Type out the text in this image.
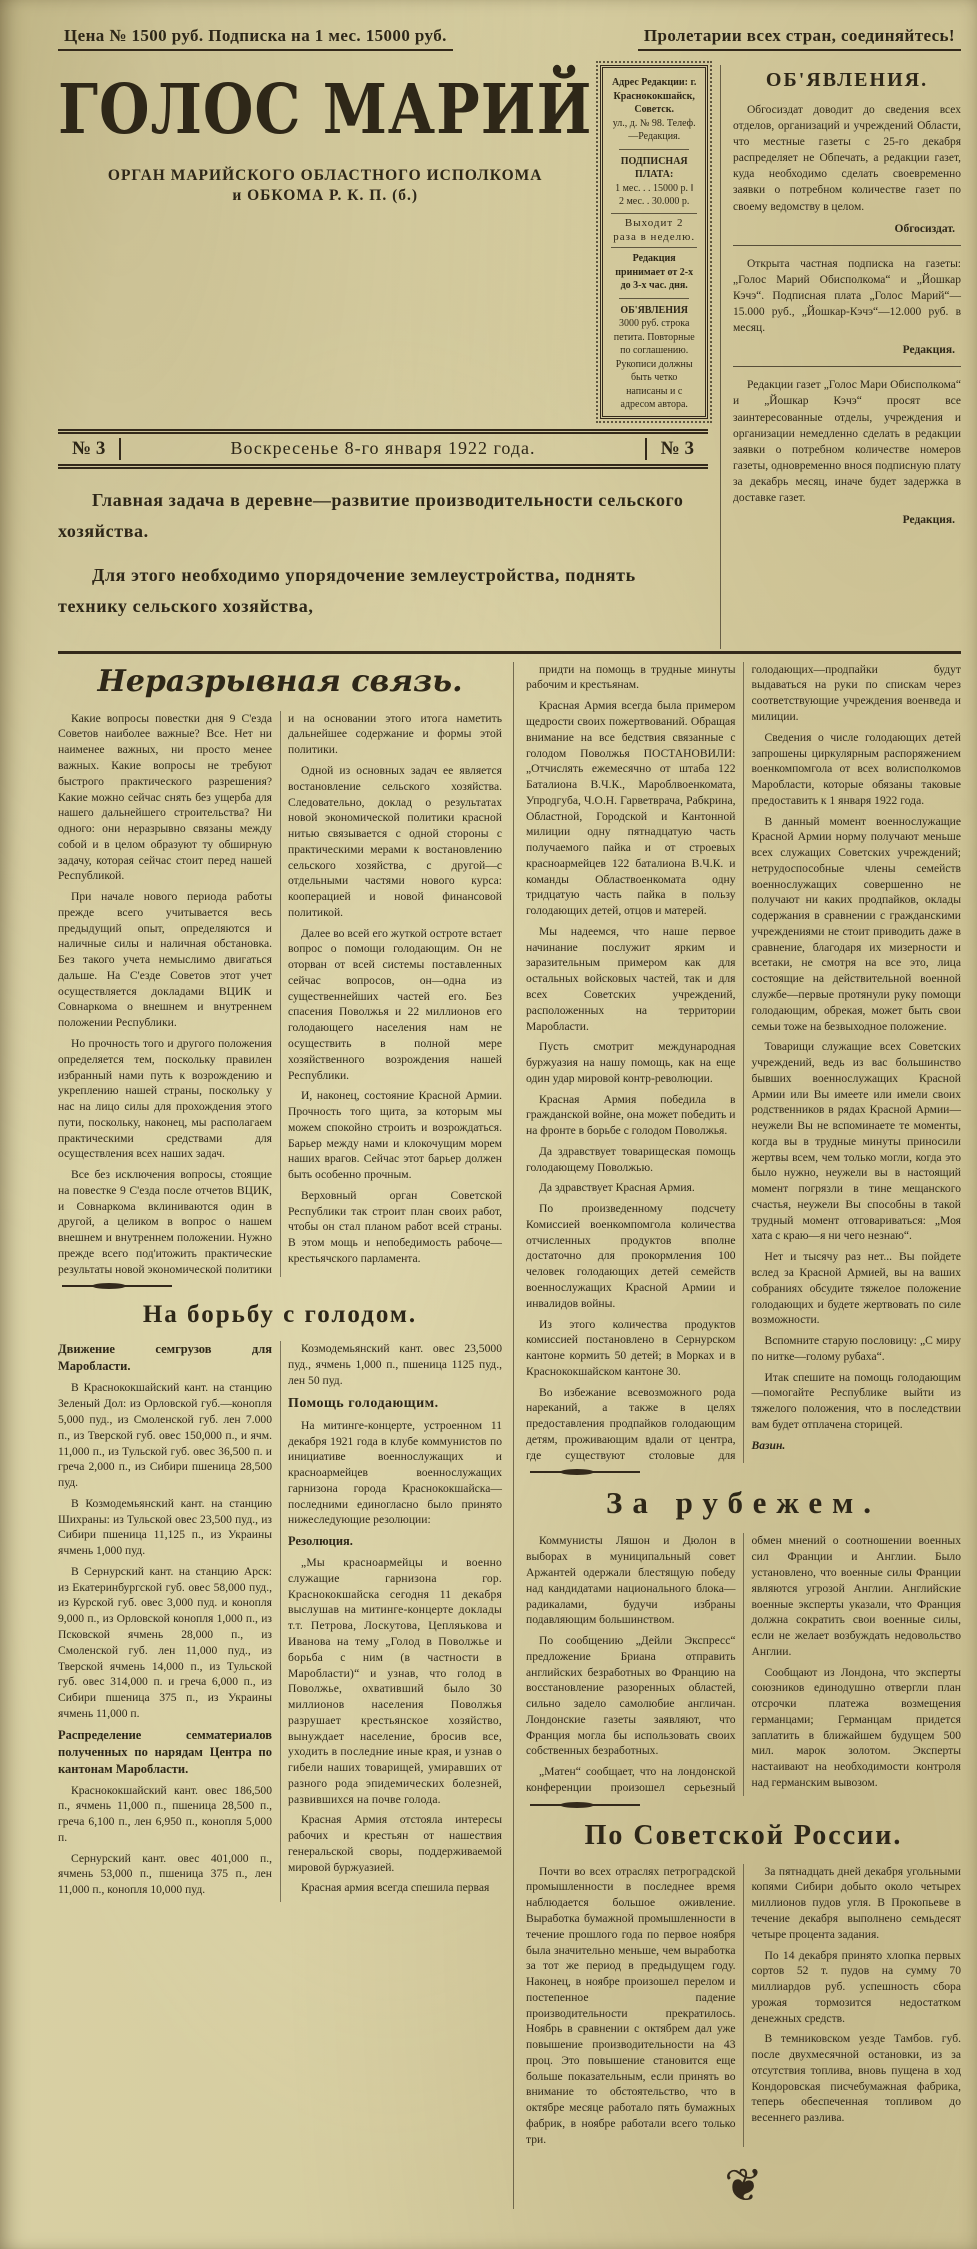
Цена № 1500 руб. Подписка на 1 мес. 15000 руб.	Пролетарии всех стран, соединяйтесь!
ГОЛОС МАРИЙ
ОРГАН МАРИЙСКОГО ОБЛАСТНОГО ИСПОЛКОМА
и ОБКОМА Р. К. П. (б.)
Адрес Редакции: г. Краснококшайск, Советск.
ул., д. № 98. Телеф.—Редакция.
ПОДПИСНАЯ ПЛАТА:
1 мес. . . 15000 р. ‖ 2 мес. . 30.000 р.
Выходит 2 раза в неделю.
Редакция принимает от 2-х до 3-х час. дня.
ОБ'ЯВЛЕНИЯ
3000 руб. строка петита. Повторные по соглашению.
Рукописи должны быть четко написаны и с адресом автора.
№ 3	Воскресенье 8-го января 1922 года.	№ 3

Главная задача в деревне—развитие производительности сельского хозяйства.

Для этого необходимо упорядочение землеустройства, поднять технику сельского хозяйства,

ОБ'ЯВЛЕНИЯ.

Обгосиздат доводит до сведения всех отделов, организаций и учреждений Области, что местные газеты с 25-го декабря распределяет не Обпечать, а редакции газет, куда необходимо сделать своевременно заявки о потребном количестве газет по своему ведомству в целом.

Обгосиздат.

Открыта частная подписка на газеты: „Голос Марий Обисполкома“ и „Йошкар Кэчэ“. Подписная плата „Голос Марий“—15.000 руб., „Йошкар-Кэчэ“—12.000 руб. в месяц.

Редакция.

Редакции газет „Голос Мари Обисполкома“ и „Йошкар Кэчэ“ просят все заинтересованные отделы, учреждения и организации немедленно сделать в редакции заявки о потребном количестве номеров газеты, одновременно внося подписную плату за декабрь месяц, иначе будет задержка в доставке газет.

Редакция.

Неразрывная связь.

Какие вопросы повестки дня 9 С'езда Советов наиболее важные? Все. Нет ни наименее важных, ни просто менее важных. Какие вопросы не требуют быстрого практического разрешения? Какие можно сейчас снять без ущерба для нашего дальнейшего строительства? Ни одного: они неразрывно связаны между собой и в целом образуют ту обширную задачу, которая сейчас стоит перед нашей Республикой.

При начале нового периода работы прежде всего учитывается весь предыдущий опыт, определяются и наличные силы и наличная обстановка. Без такого учета немыслимо двигаться дальше. На С'езде Советов этот учет осуществляется докладами ВЦИК и Совнаркома о внешнем и внутреннем положении Республики.

Но прочность того и другого положения определяется тем, поскольку правилен избранный нами путь к возрождению и укреплению нашей страны, поскольку у нас на лицо силы для прохождения этого пути, поскольку, наконец, мы располагаем практическими средствами для осуществления всех наших задач.

Все без исключения вопросы, стоящие на повестке 9 С'езда после отчетов ВЦИК, и Совнаркома вклиниваются один в другой, а целиком в вопрос о нашем внешнем и внутреннем положении. Нужно прежде всего под'итожить практические результаты новой экономической политики и на основании этого итога наметить дальнейшее содержание и формы этой политики.

Одной из основных задач ее является востановление сельского хозяйства. Следовательно, доклад о результатах новой экономической политики красной нитью связывается с одной стороны с практическими мерами к востановлению сельского хозяйства, с другой—с отдельными частями нового курса: кооперацией и новой финансовой политикой.

Далее во всей его жуткой остроте встает вопрос о помощи голодающим. Он не оторван от всей системы поставленных сейчас вопросов, он—одна из существеннейших частей его. Без спасения Поволжья и 22 миллионов его голодающего населения нам не осуществить в полной мере хозяйственного возрождения нашей Республики.

И, наконец, состояние Красной Армии. Прочность того щита, за которым мы можем спокойно строить и возрождаться. Барьер между нами и клокочущим морем наших врагов. Сейчас этот барьер должен быть особенно прочным.

Верховный орган Советской Республики так строит план своих работ, чтобы он стал планом работ всей страны. В этом мощь и непобедимость рабоче—крестьячского парламента.

На борьбу с голодом.

Движение семгрузов для Маробласти.

В Краснококшайский кант. на станцию Зеленый Дол: из Орловской губ.—конопля 5,000 пуд., из Смоленской губ. лен 7.000 п., из Тверской губ. овес 150,000 п., и ячм. 11,000 п., из Тульской губ. овес 36,500 п. и греча 2,000 п., из Сибири пшеница 28,500 пуд.

В Козмодемьянский кант. на станцию Шихраны: из Тульской овес 23,500 пуд., из Сибири пшеница 11,125 п., из Украины ячмень 1,000 пуд.

В Сернурский кант. на станцию Арск: из Екатеринбургской губ. овес 58,000 пуд., из Курской губ. овес 3,000 пуд. и конопля 9,000 п., из Орловской конопля 1,000 п., из Псковской ячмень 28,000 п., из Смоленской губ. лен 11,000 пуд., из Тверской ячмень 14,000 п., из Тульской губ. овес 314,000 п. и греча 6,000 п., из Сибири пшеница 375 п., из Украины ячмень 11,000 п.

Распределение семматериалов полученных по нарядам Центра по кантонам Маробласти.

Краснококшайский кант. овес 186,500 п., ячмень 11,000 п., пшеница 28,500 п., греча 6,100 п., лен 6,950 п., конопля 5,000 п.

Сернурский кант. овес 401,000 п., ячмень 53,000 п., пшеница 375 п., лен 11,000 п., конопля 10,000 пуд.

Козмодемьянский кант. овес 23,5000 пуд., ячмень 1,000 п., пшеница 1125 пуд., лен 50 пуд.

Помощь голодающим.

На митинге-концерте, устроенном 11 декабря 1921 года в клубе коммунистов по инициативе военнослужащих и красноармейцев военнослужащих гарнизона города Краснококшайска—последними единогласно было принято нижеследующие резолюции:

Резолюция.

„Мы красноармейцы и военно служащие гарнизона гор. Краснококшайска сегодня 11 декабря выслушав на митинге-концерте доклады т.т. Петрова, Лоскутова, Цепляькова и Иванова на тему „Голод в Поволжье и борьба с ним (в частности в Маробласти)“ и узнав, что голод в Поволжье, охвативший было 30 миллионов населения Поволжья разрушает крестьянское хозяйство, вынуждает население, бросив все, уходить в последние иные края, и узнав о гибели наших товарищей, умиравших от разного рода эпидемических болезней, развившихся на почве голода.

Красная Армия отстояла интересы рабочих и крестьян от нашествия генеральской своры, поддерживаемой мировой буржуазией.

Красная армия всегда спешила первая

придти на помощь в трудные минуты рабочим и крестьянам.

Красная Армия всегда была примером щедрости своих пожертвований. Обращая внимание на все бедствия связанные с голодом Поволжья ПОСТАНОВИЛИ: „Отчислять ежемесячно от штаба 122 Баталиона В.Ч.К., Мароблвоенкомата, Упродгуба, Ч.О.Н. Гарветврача, Рабкрина, Областной, Городской и Кантонной милиции одну пятнадцатую часть получаемого пайка и от строевых красноармейцев 122 баталиона В.Ч.К. и команды Областвоенкомата одну тридцатую часть пайка в пользу голодающих детей, отцов и матерей.

Мы надеемся, что наше первое начинание послужит ярким и заразительным примером как для остальных войсковых частей, так и для всех Советских учреждений, расположенных на территории Маробласти.

Пусть смотрит международная буржуазия на нашу помощь, как на еще один удар мировой контр-революции.

Красная Армия победила в гражданской войне, она может победить и на фронте в борьбе с голодом Поволжья.

Да здравствует товарищеская помощь голодающему Поволжью.

Да здравствует Красная Армия.

По произведенному подсчету Комиссией военкомпомгола количества отчисленных продуктов вполне достаточно для прокормления 100 человек голодающих детей семейств военнослужащих Красной Армии и инвалидов войны.

Из этого количества продуктов комиссией постановлено в Сернурском кантоне кормить 50 детей; в Морках и в Краснококшайском кантоне 30.

Во избежание всевозможного рода нареканий, а также в целях предоставления продпайков голодающим детям, проживающим вдали от центра, где существуют столовые для голодающих—продпайки будут выдаваться на руки по спискам через соответствующие учреждения военведа и милиции.

Сведения о числе голодающих детей запрошены циркулярным распоряжением военкомпомгола от всех волисполкомов Маробласти, которые обязаны таковые предоставить к 1 января 1922 года.

В данный момент военнослужащие Красной Армии норму получают меньше всех служащих Советских учреждений; нетрудоспособные члены семейств военнослужащих совершенно не получают ни каких продпайков, оклады содержания в сравнении с гражданскими учреждениями не стоит приводить даже в сравнение, благодаря их мизерности и всетаки, не смотря на все это, лица состоящие на действительной военной службе—первые протянули руку помощи голодающим, обрекая, может быть свои семьи тоже на безвыходное положение.

Товарищи служащие всех Советских учреждений, ведь из вас большинство бывших военнослужащих Красной Армии или Вы имеете или имели своих родственников в рядах Красной Армии—неужели Вы не вспоминаете те моменты, когда вы в трудные минуты приносили жертвы всем, чем только могли, когда это было нужно, неужели вы в настоящий момент погрязли в тине мещанского счастья, неужели Вы способны в такой трудный момент отговариваться: „Моя хата с краю—я ни чего незнаю“.

Нет и тысячу раз нет... Вы пойдете вслед за Красной Армией, вы на ваших собраниях обсудите тяжелое положение голодающих и будете жертвовать по силе возможности.

Вспомните старую пословицу: „С миру по нитке—голому рубаха“.

Итак спешите на помощь голодающим—помогайте Республике выйти из тяжелого положения, что в последствии вам будет отплачена сторицей.

Вазин.

За рубежем.

Коммунисты Ляшон и Дюлон в выборах в муниципальный совет Аржантей одержали блестящую победу над кандидатами национального блока—радикалами, будучи избраны подавляющим большинством.

По сообщению „Дейли Экспресс“ предложение Бриана отправить английских безработных во Францию на восстановление разоренных областей, сильно задело самолюбие англичан. Лондонские газеты заявляют, что Франция могла бы использовать своих собственных безработных.

„Матен“ сообщает, что на лондонской конференции произошел серьезный обмен мнений о соотношении военных сил Франции и Англии. Было установлено, что военные силы Франции являются угрозой Англии. Английские военные эксперты указали, что Франция должна сократить свои военные силы, если не желает возбуждать недовольство Англии.

Сообщают из Лондона, что эксперты союзников единодушно отвергли план отсрочки платежа возмещения германцами; Германцам придется заплатить в ближайшем будущем 500 мил. марок золотом. Эксперты настаивают на необходимости контроля над германским вывозом.

По Советской России.

Почти во всех отраслях петроградской промышленности в последнее время наблюдается большое оживление. Выработка бумажной промышленности в течение прошлого года по первое ноября была значительно меньше, чем выработка за тот же период в предыдущем году. Наконец, в ноябре произошел перелом и постепенное падение производительности прекратилось. Ноябрь в сравнении с октябрем дал уже повышение производительности на 43 проц. Это повышение становится еще больше показательным, если принять во внимание то обстоятельство, что в октябре месяце работало пять бумажных фабрик, в ноябре работали всего только три.

За пятнадцать дней декабря угольными копями Сибири добыто около четырех миллионов пудов угля. В Прокопьеве в течение декабря выполнено семьдесят четыре процента задания.

По 14 декабря принято хлопка первых сортов 52 т. пудов на сумму 70 миллиардов руб. успешность сбора урожая тормозится недостатком денежных средств.

В темниковском уезде Тамбов. губ. после двухмесячной остановки, из за отсутствия топлива, вновь пущена в ход Кондоровская писчебумажная фабрика, теперь обеспеченная топливом до весеннего разлива.

❦
